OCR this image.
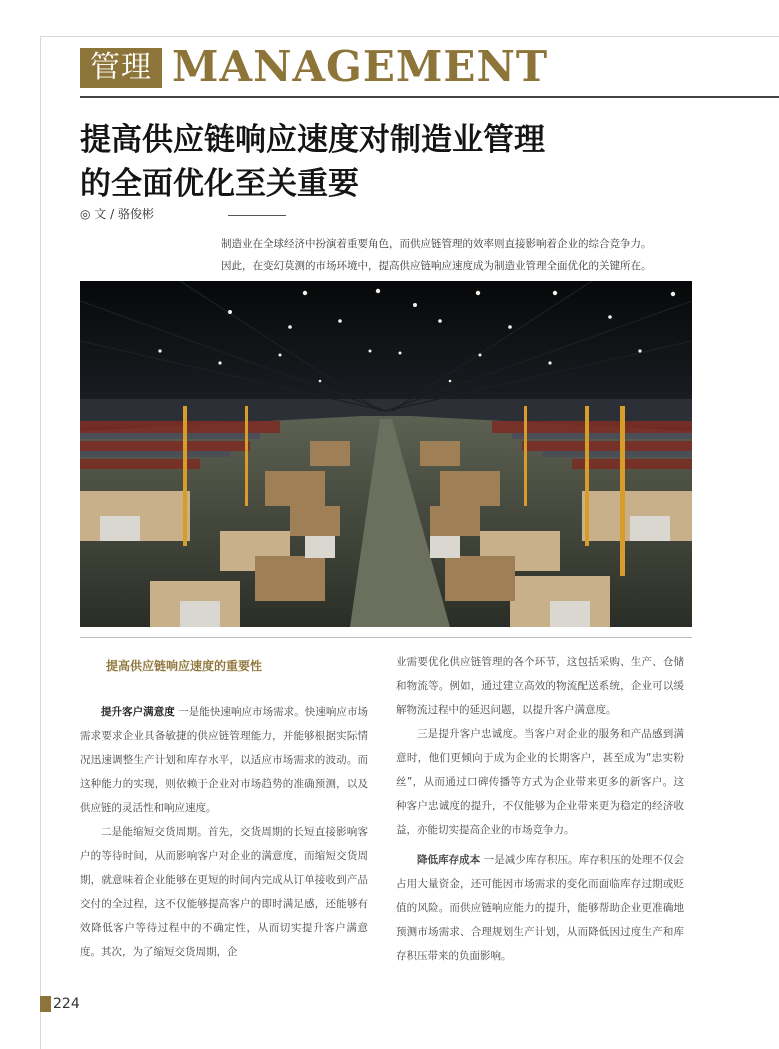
管理 MANAGEMENT
提高供应链响应速度对制造业管理
的全面优化至关重要
◎ 文 / 骆俊彬

制造业在全球经济中扮演着重要角色，而供应链管理的效率则直接影响着企业的综合竞争力。

因此，在变幻莫测的市场环境中，提高供应链响应速度成为制造业管理全面优化的关键所在。

提高供应链响应速度的重要性

提升客户满意度 一是能快速响应市场需求。快速响应市场需求要求企业具备敏捷的供应链管理能力，并能够根据实际情况迅速调整生产计划和库存水平，以适应市场需求的波动。而这种能力的实现，则依赖于企业对市场趋势的准确预测，以及供应链的灵活性和响应速度。

二是能缩短交货周期。首先，交货周期的长短直接影响客户的等待时间，从而影响客户对企业的满意度，而缩短交货周期，就意味着企业能够在更短的时间内完成从订单接收到产品交付的全过程，这不仅能够提高客户的即时满足感，还能够有效降低客户等待过程中的不确定性，从而切实提升客户满意度。其次，为了缩短交货周期，企

业需要优化供应链管理的各个环节，这包括采购、生产、仓储和物流等。例如，通过建立高效的物流配送系统，企业可以缓解物流过程中的延迟问题，以提升客户满意度。

三是提升客户忠诚度。当客户对企业的服务和产品感到满意时，他们更倾向于成为企业的长期客户，甚至成为“忠实粉丝”，从而通过口碑传播等方式为企业带来更多的新客户。这种客户忠诚度的提升，不仅能够为企业带来更为稳定的经济收益，亦能切实提高企业的市场竞争力。

降低库存成本 一是减少库存积压。库存积压的处理不仅会占用大量资金，还可能因市场需求的变化而面临库存过期或贬值的风险。而供应链响应能力的提升，能够帮助企业更准确地预测市场需求、合理规划生产计划，从而降低因过度生产和库存积压带来的负面影响。

224
